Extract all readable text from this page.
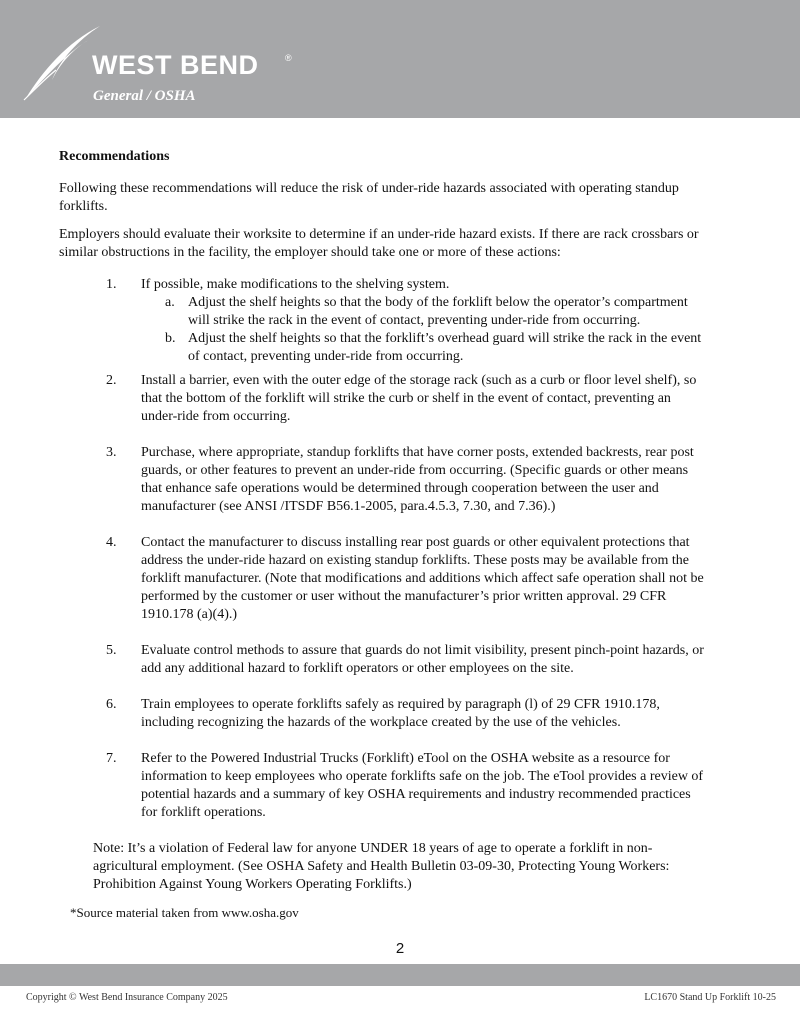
WEST BEND	®
General / OSHA
Recommendations

Following these recommendations will reduce the risk of under-ride hazards associated with operating standup forklifts.

Employers should evaluate their worksite to determine if an under-ride hazard exists. If there are rack crossbars or similar obstructions in the facility, the employer should take one or more of these actions:

1. If possible, make modifications to the shelving system.
a. Adjust the shelf heights so that the body of the forklift below the operator’s compartment will strike the rack in the event of contact, preventing under-ride from occurring.
b. Adjust the shelf heights so that the forklift’s overhead guard will strike the rack in the event of contact, preventing under-ride from occurring.
2. Install a barrier, even with the outer edge of the storage rack (such as a curb or floor level shelf), so that the bottom of the forklift will strike the curb or shelf in the event of contact, preventing an under-ride from occurring.
3. Purchase, where appropriate, standup forklifts that have corner posts, extended backrests, rear post guards, or other features to prevent an under-ride from occurring. (Specific guards or other means that enhance safe operations would be determined through cooperation between the user and manufacturer (see ANSI /ITSDF B56.1-2005, para.4.5.3, 7.30, and 7.36).)
4. Contact the manufacturer to discuss installing rear post guards or other equivalent protections that address the under-ride hazard on existing standup forklifts. These posts may be available from the forklift manufacturer. (Note that modifications and additions which affect safe operation shall not be performed by the customer or user without the manufacturer’s prior written approval. 29 CFR 1910.178 (a)(4).)
5. Evaluate control methods to assure that guards do not limit visibility, present pinch-point hazards, or add any additional hazard to forklift operators or other employees on the site.
6. Train employees to operate forklifts safely as required by paragraph (l) of 29 CFR 1910.178, including recognizing the hazards of the workplace created by the use of the vehicles.
7. Refer to the Powered Industrial Trucks (Forklift) eTool on the OSHA website as a resource for information to keep employees who operate forklifts safe on the job. The eTool provides a review of potential hazards and a summary of key OSHA requirements and industry recommended practices for forklift operations.

Note: It’s a violation of Federal law for anyone UNDER 18 years of age to operate a forklift in non-agricultural employment. (See OSHA Safety and Health Bulletin 03-09-30, Protecting Young Workers: Prohibition Against Young Workers Operating Forklifts.)

*Source material taken from www.osha.gov
2
Copyright © West Bend Insurance Company 2025	LC1670 Stand Up Forklift 10-25
